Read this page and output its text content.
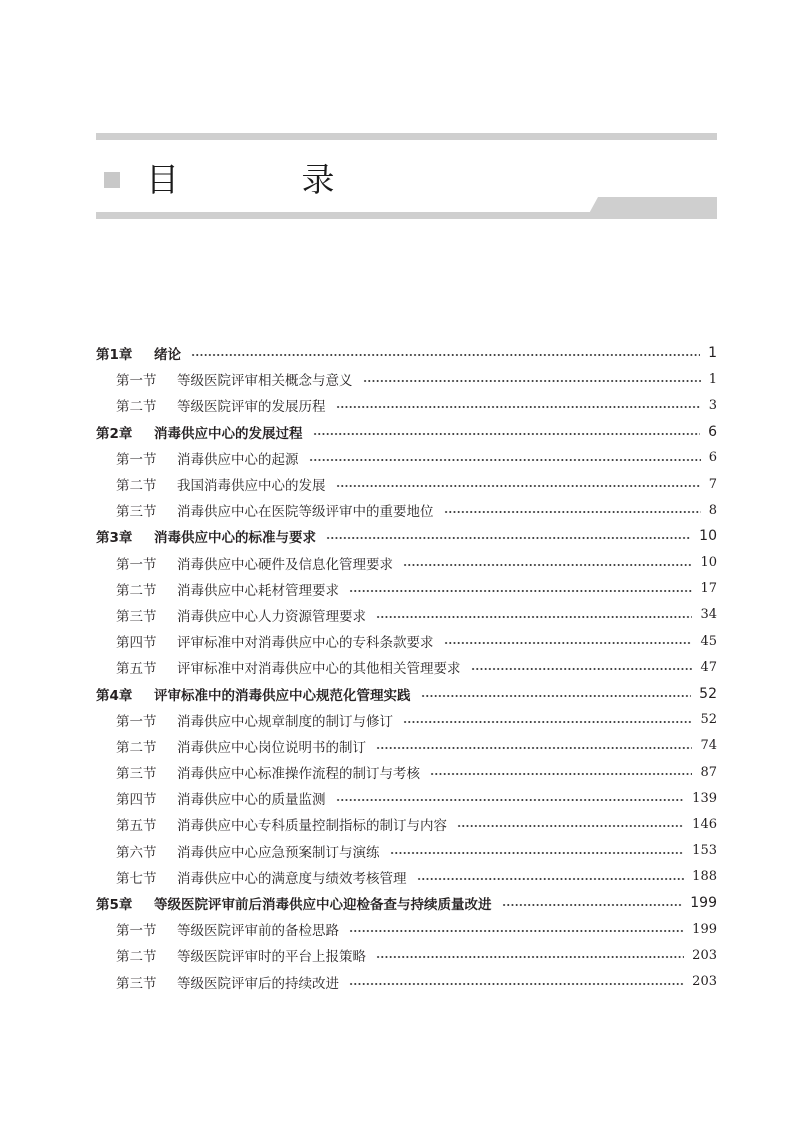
目 录
第1章	绪论	1
第一节	等级医院评审相关概念与意义	1
第二节	等级医院评审的发展历程	3
第2章	消毒供应中心的发展过程	6
第一节	消毒供应中心的起源	6
第二节	我国消毒供应中心的发展	7
第三节	消毒供应中心在医院等级评审中的重要地位	8
第3章	消毒供应中心的标准与要求	10
第一节	消毒供应中心硬件及信息化管理要求	10
第二节	消毒供应中心耗材管理要求	17
第三节	消毒供应中心人力资源管理要求	34
第四节	评审标准中对消毒供应中心的专科条款要求	45
第五节	评审标准中对消毒供应中心的其他相关管理要求	47
第4章	评审标准中的消毒供应中心规范化管理实践	52
第一节	消毒供应中心规章制度的制订与修订	52
第二节	消毒供应中心岗位说明书的制订	74
第三节	消毒供应中心标准操作流程的制订与考核	87
第四节	消毒供应中心的质量监测	139
第五节	消毒供应中心专科质量控制指标的制订与内容	146
第六节	消毒供应中心应急预案制订与演练	153
第七节	消毒供应中心的满意度与绩效考核管理	188
第5章	等级医院评审前后消毒供应中心迎检备查与持续质量改进	199
第一节	等级医院评审前的备检思路	199
第二节	等级医院评审时的平台上报策略	203
第三节	等级医院评审后的持续改进	203
